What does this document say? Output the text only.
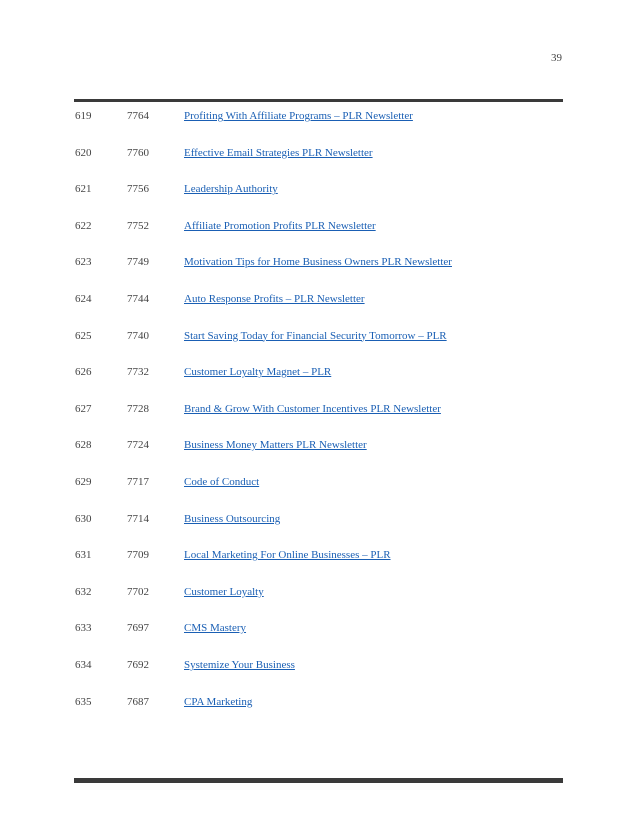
39
619	7764	Profiting With Affiliate Programs – PLR Newsletter
620	7760	Effective Email Strategies PLR Newsletter
621	7756	Leadership Authority
622	7752	Affiliate Promotion Profits PLR Newsletter
623	7749	Motivation Tips for Home Business Owners PLR Newsletter
624	7744	Auto Response Profits – PLR Newsletter
625	7740	Start Saving Today for Financial Security Tomorrow – PLR
626	7732	Customer Loyalty Magnet – PLR
627	7728	Brand & Grow With Customer Incentives PLR Newsletter
628	7724	Business Money Matters PLR Newsletter
629	7717	Code of Conduct
630	7714	Business Outsourcing
631	7709	Local Marketing For Online Businesses – PLR
632	7702	Customer Loyalty
633	7697	CMS Mastery
634	7692	Systemize Your Business
635	7687	CPA Marketing
